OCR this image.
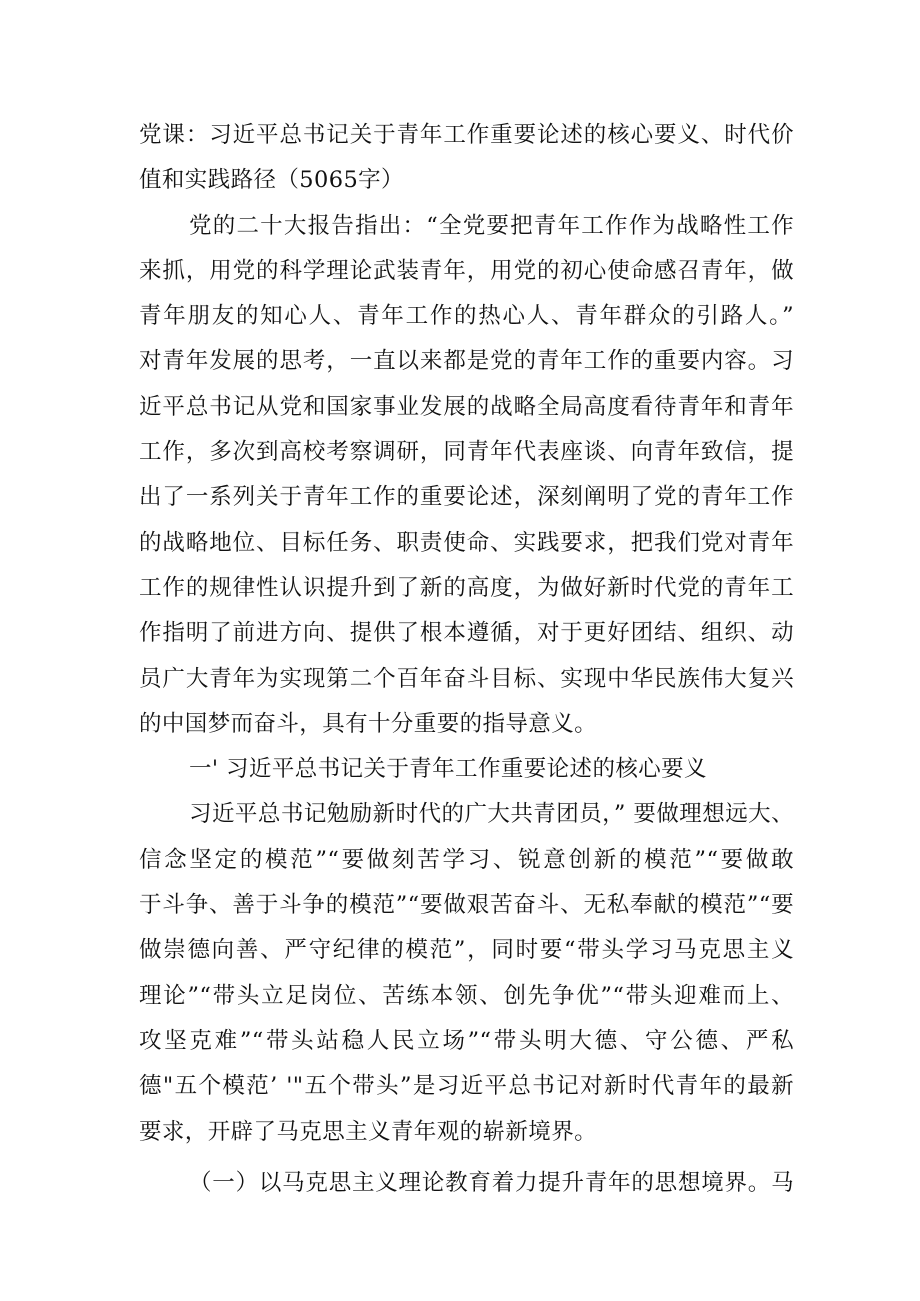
党课：习近平总书记关于青年工作重要论述的核心要义、时代价
值和实践路径（5065字）
党的二十大报告指出：“全党要把青年工作作为战略性工作
来抓，用党的科学理论武装青年，用党的初心使命感召青年，做
青年朋友的知心人、青年工作的热心人、青年群众的引路人。”
对青年发展的思考，一直以来都是党的青年工作的重要内容。习
近平总书记从党和国家事业发展的战略全局高度看待青年和青年
工作，多次到高校考察调研，同青年代表座谈、向青年致信，提
出了一系列关于青年工作的重要论述，深刻阐明了党的青年工作
的战略地位、目标任务、职责使命、实践要求，把我们党对青年
工作的规律性认识提升到了新的高度，为做好新时代党的青年工
作指明了前进方向、提供了根本遵循，对于更好团结、组织、动
员广大青年为实现第二个百年奋斗目标、实现中华民族伟大复兴
的中国梦而奋斗，具有十分重要的指导意义。
一' 习近平总书记关于青年工作重要论述的核心要义
习近平总书记勉励新时代的广大共青团员，” 要做理想远大、
信念坚定的模范”“要做刻苦学习、锐意创新的模范”“要做敢
于斗争、善于斗争的模范”“要做艰苦奋斗、无私奉献的模范”“要
做崇德向善、严守纪律的模范”，同时要“带头学习马克思主义
理论”“带头立足岗位、苦练本领、创先争优”“带头迎难而上、
攻坚克难”“带头站稳人民立场”“带头明大德、守公德、严私
德"五个模范’ '"五个带头”是习近平总书记对新时代青年的最新
要求，开辟了马克思主义青年观的崭新境界。
（一）以马克思主义理论教育着力提升青年的思想境界。马
